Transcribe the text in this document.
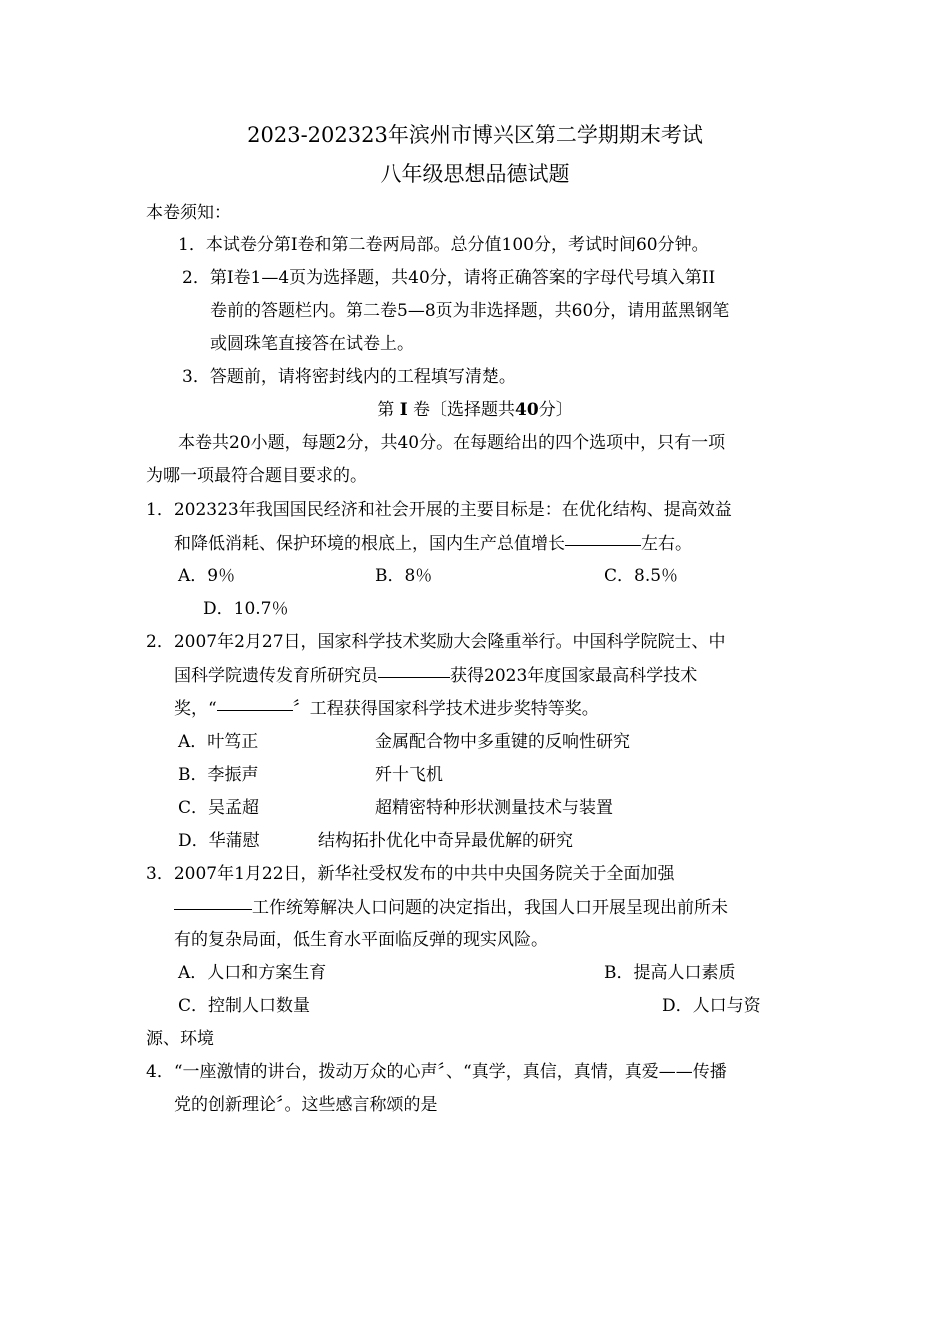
2023-202323年滨州市博兴区第二学期期末考试
八年级思想品德试题
本卷须知：
1．本试卷分第Ⅰ卷和第二卷两局部。总分值100分，考试时间60分钟。
2．第Ⅰ卷1—4页为选择题，共40分，请将正确答案的字母代号填入第II
卷前的答题栏内。第二卷5—8页为非选择题，共60分，请用蓝黑钢笔
或圆珠笔直接答在试卷上。
3．答题前，请将密封线内的工程填写清楚。
第 I 卷〔选择题共40分〕
本卷共20小题，每题2分，共40分。在每题给出的四个选项中，只有一项
为哪一项最符合题目要求的。
1．202323年我国国民经济和社会开展的主要目标是：在优化结构、提高效益
和降低消耗、保护环境的根底上，国内生产总值增长	左右。
A．9％	B．8％	C．8.5％
D．10.7％
2．2007年2月27日，国家科学技术奖励大会隆重举行。中国科学院院士、中
国科学院遗传发育所研究员	获得2023年度国家最高科学技术
奖，“	〞工程获得国家科学技术进步奖特等奖。
A．叶笃正	金属配合物中多重键的反响性研究
B．李振声	歼十飞机
C．吴孟超	超精密特种形状测量技术与装置
D．华蒲慰	结构拓扑优化中奇异最优解的研究
3．2007年1月22日，新华社受权发布的中共中央国务院关于全面加强
工作统筹解决人口问题的决定指出，我国人口开展呈现出前所未
有的复杂局面，低生育水平面临反弹的现实风险。
A．人口和方案生育	B．提高人口素质
C．控制人口数量	D．人口与资
源、环境
4．“一座激情的讲台，拨动万众的心声〞、“真学，真信，真情，真爱——传播
党的创新理论〞。这些感言称颂的是
